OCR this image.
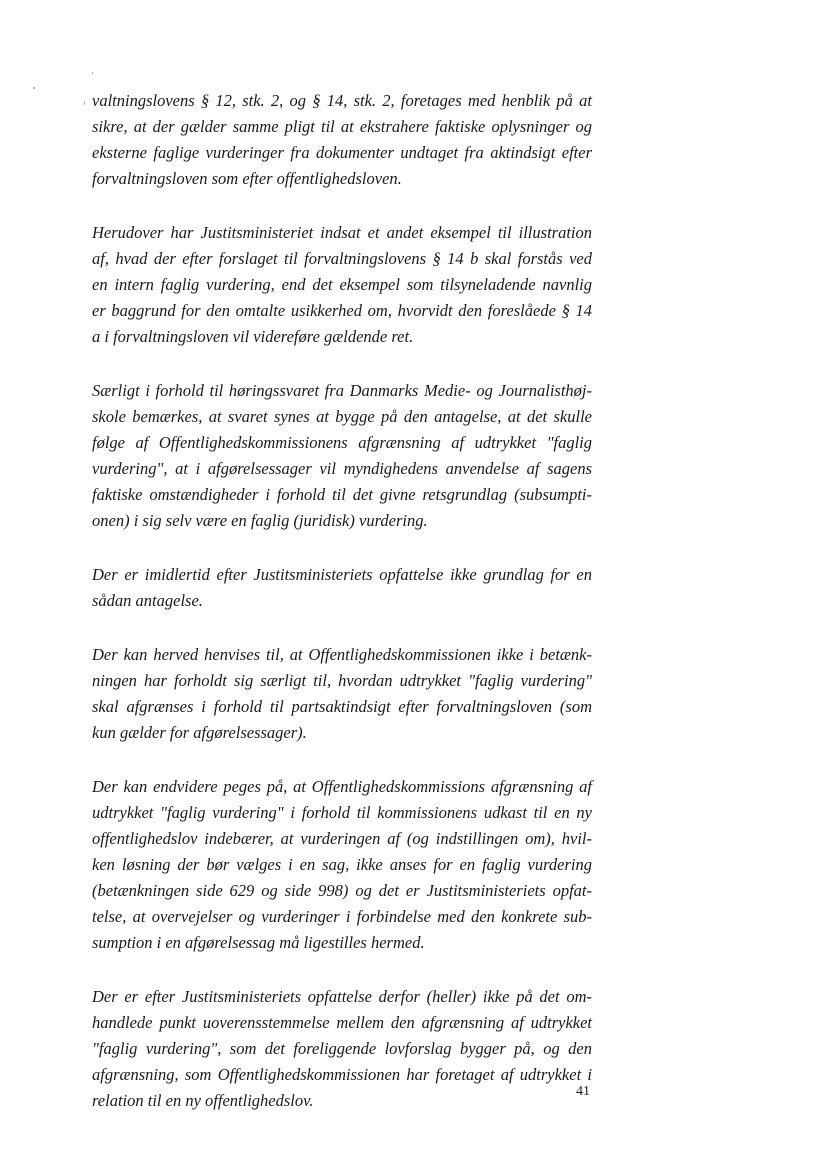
valtningslovens § 12, stk. 2, og § 14, stk. 2, foretages med henblik på at
sikre, at der gælder samme pligt til at ekstrahere faktiske oplysninger og
eksterne faglige vurderinger fra dokumenter undtaget fra aktindsigt efter
forvaltningsloven som efter offentlighedsloven.

Herudover har Justitsministeriet indsat et andet eksempel til illustration
af, hvad der efter forslaget til forvaltningslovens § 14 b skal forstås ved
en intern faglig vurdering, end det eksempel som tilsyneladende navnlig
er baggrund for den omtalte usikkerhed om, hvorvidt den foreslåede § 14
a i forvaltningsloven vil videreføre gældende ret.

Særligt i forhold til høringssvaret fra Danmarks Medie- og Journalisthøj-
skole bemærkes, at svaret synes at bygge på den antagelse, at det skulle
følge af Offentlighedskommissionens afgrænsning af udtrykket "faglig
vurdering", at i afgørelsessager vil myndighedens anvendelse af sagens
faktiske omstændigheder i forhold til det givne retsgrundlag (subsumpti-
onen) i sig selv være en faglig (juridisk) vurdering.

Der er imidlertid efter Justitsministeriets opfattelse ikke grundlag for en
sådan antagelse.

Der kan herved henvises til, at Offentlighedskommissionen ikke i betænk-
ningen har forholdt sig særligt til, hvordan udtrykket "faglig vurdering"
skal afgrænses i forhold til partsaktindsigt efter forvaltningsloven (som
kun gælder for afgørelsessager).

Der kan endvidere peges på, at Offentlighedskommissions afgrænsning af
udtrykket "faglig vurdering" i forhold til kommissionens udkast til en ny
offentlighedslov indebærer, at vurderingen af (og indstillingen om), hvil-
ken løsning der bør vælges i en sag, ikke anses for en faglig vurdering
(betænkningen side 629 og side 998) og det er Justitsministeriets opfat-
telse, at overvejelser og vurderinger i forbindelse med den konkrete sub-
sumption i en afgørelsessag må ligestilles hermed.

Der er efter Justitsministeriets opfattelse derfor (heller) ikke på det om-
handlede punkt uoverensstemmelse mellem den afgrænsning af udtrykket
"faglig vurdering", som det foreliggende lovforslag bygger på, og den
afgrænsning, som Offentlighedskommissionen har foretaget af udtrykket i
relation til en ny offentlighedslov.	41
